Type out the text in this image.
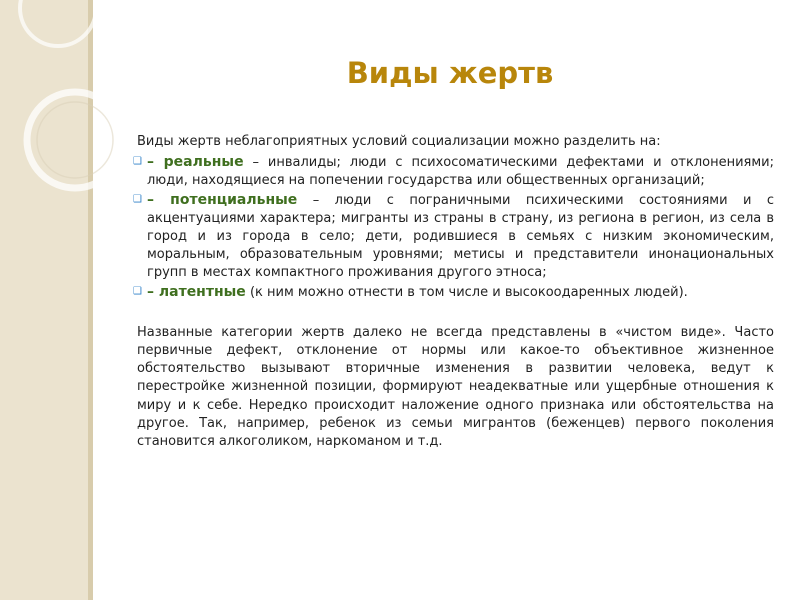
Виды жертв

Виды жертв неблагоприятных условий социализации можно разделить на:

❑ – реальные – инвалиды; люди с психосоматическими дефектами и отклонениями; люди, находящиеся на попечении государства или общественных организаций;

❑ – потенциальные – люди с пограничными психическими состояниями и с акцентуациями характера; мигранты из страны в страну, из региона в регион, из села в город и из города в село; дети, родившиеся в семьях с низким экономическим, моральным, образовательным уровнями; метисы и представители инонациональных групп в местах компактного проживания другого этноса;

❑ – латентные (к ним можно отнести в том числе и высокоодаренных людей).

Названные категории жертв далеко не всегда представлены в «чистом виде». Часто первичные дефект, отклонение от нормы или какое-то объективное жизненное обстоятельство вызывают вторичные изменения в развитии человека, ведут к перестройке жизненной позиции, формируют неадекватные или ущербные отношения к миру и к себе. Нередко происходит наложение одного признака или обстоятельства на другое. Так, например, ребенок из семьи мигрантов (беженцев) первого поколения становится алкоголиком, наркоманом и т.д.
